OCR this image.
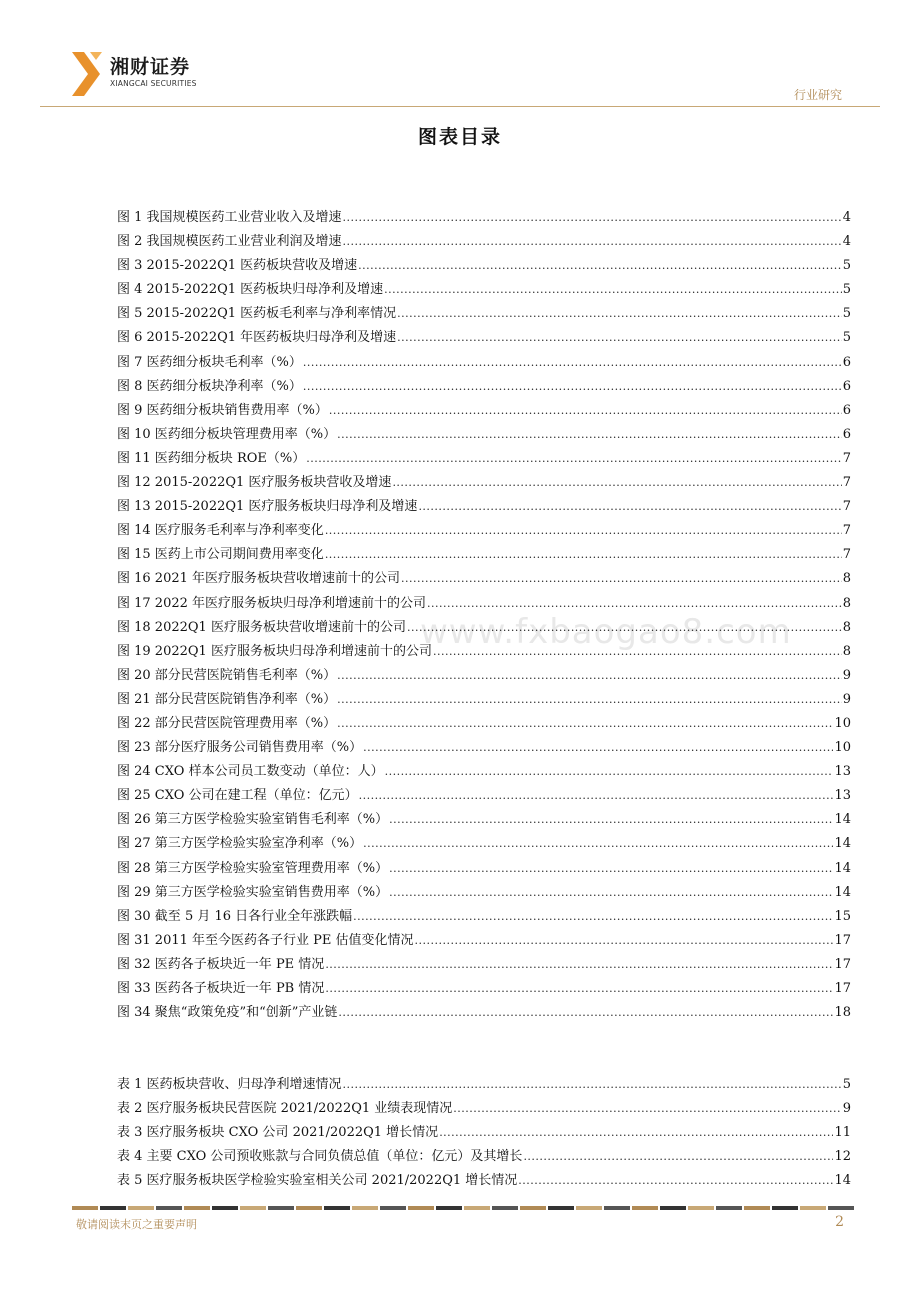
湘财证券
XIANGCAI SECURITIES
行业研究
图表目录
www.fxbaogao8.com
图 1 我国规模医药工业营业收入及增速 .....	4
图 2 我国规模医药工业营业利润及增速 .....	4
图 3 2015-2022Q1 医药板块营收及增速 .....	5
图 4 2015-2022Q1 医药板块归母净利及增速 .....	5
图 5 2015-2022Q1 医药板毛利率与净利率情况 .....	5
图 6 2015-2022Q1 年医药板块归母净利及增速 .....	5
图 7 医药细分板块毛利率（%） .....	6
图 8 医药细分板块净利率（%） .....	6
图 9 医药细分板块销售费用率（%） .....	6
图 10 医药细分板块管理费用率（%） .....	6
图 11 医药细分板块 ROE（%） .....	7
图 12 2015-2022Q1 医疗服务板块营收及增速 .....	7
图 13 2015-2022Q1 医疗服务板块归母净利及增速 .....	7
图 14 医疗服务毛利率与净利率变化 .....	7
图 15 医药上市公司期间费用率变化 .....	7
图 16 2021 年医疗服务板块营收增速前十的公司 .....	8
图 17 2022 年医疗服务板块归母净利增速前十的公司 .....	8
图 18 2022Q1 医疗服务板块营收增速前十的公司 .....	8
图 19 2022Q1 医疗服务板块归母净利增速前十的公司 .....	8
图 20 部分民营医院销售毛利率（%） .....	9
图 21 部分民营医院销售净利率（%） .....	9
图 22 部分民营医院管理费用率（%） .....	10
图 23 部分医疗服务公司销售费用率（%） .....	10
图 24 CXO 样本公司员工数变动（单位：人） .....	13
图 25 CXO 公司在建工程（单位：亿元） .....	13
图 26 第三方医学检验实验室销售毛利率（%） .....	14
图 27 第三方医学检验实验室净利率（%） .....	14
图 28 第三方医学检验实验室管理费用率（%） .....	14
图 29 第三方医学检验实验室销售费用率（%） .....	14
图 30 截至 5 月 16 日各行业全年涨跌幅 .....	15
图 31 2011 年至今医药各子行业 PE 估值变化情况 .....	17
图 32 医药各子板块近一年 PE 情况 .....	17
图 33 医药各子板块近一年 PB 情况 .....	17
图 34 聚焦“政策免疫”和“创新”产业链 .....	18
表 1 医药板块营收、归母净利增速情况 .....	5
表 2 医疗服务板块民营医院 2021/2022Q1 业绩表现情况 .....	9
表 3 医疗服务板块 CXO 公司 2021/2022Q1 增长情况 .....	11
表 4 主要 CXO 公司预收账款与合同负债总值（单位：亿元）及其增长 .....	12
表 5 医疗服务板块医学检验实验室相关公司 2021/2022Q1 增长情况 .....	14
敬请阅读末页之重要声明	2
